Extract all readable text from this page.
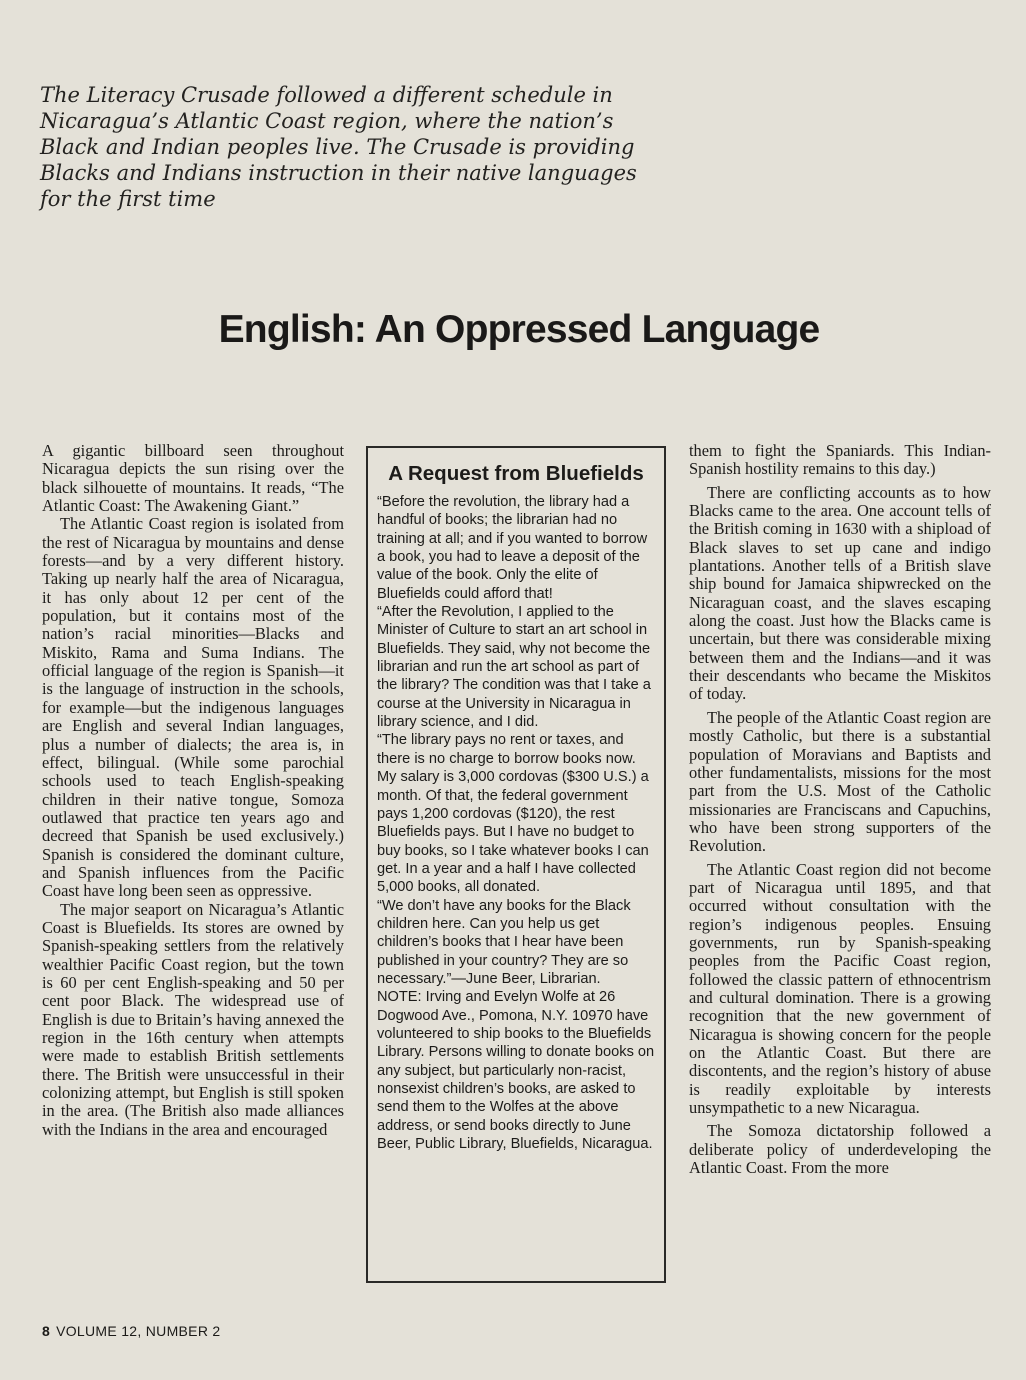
The Literacy Crusade followed a different schedule in
Nicaragua’s Atlantic Coast region, where the nation’s
Black and Indian peoples live. The Crusade is providing
Blacks and Indians instruction in their native languages
for the first time
English: An Oppressed Language

A gigantic billboard seen throughout Nicaragua depicts the sun rising over the black silhouette of mountains. It reads, “The Atlantic Coast: The Awakening Giant.”

The Atlantic Coast region is isolated from the rest of Nicaragua by mountains and dense forests—and by a very different history. Taking up nearly half the area of Nicaragua, it has only about 12 per cent of the population, but it contains most of the nation’s racial minorities—Blacks and Miskito, Rama and Suma Indians. The official language of the region is Spanish—it is the language of instruction in the schools, for example—but the indigenous languages are English and several Indian languages, plus a number of dialects; the area is, in effect, bilingual. (While some parochial schools used to teach English-speaking children in their native tongue, Somoza outlawed that practice ten years ago and decreed that Spanish be used exclusively.) Spanish is considered the dominant culture, and Spanish influences from the Pacific Coast have long been seen as oppressive.

The major seaport on Nicaragua’s Atlantic Coast is Bluefields. Its stores are owned by Spanish-speaking settlers from the relatively wealthier Pacific Coast region, but the town is 60 per cent English-speaking and 50 per cent poor Black. The widespread use of English is due to Britain’s having annexed the region in the 16th century when attempts were made to establish British settlements there. The British were unsuccessful in their colonizing attempt, but English is still spoken in the area. (The British also made alliances with the Indians in the area and encouraged

A Request from Bluefields

“Before the revolution, the library had a handful of books; the librarian had no training at all; and if you wanted to borrow a book, you had to leave a deposit of the value of the book. Only the elite of Bluefields could afford that!

“After the Revolution, I applied to the Minister of Culture to start an art school in Bluefields. They said, why not become the librarian and run the art school as part of the library? The condition was that I take a course at the University in Nicaragua in library science, and I did.

“The library pays no rent or taxes, and there is no charge to borrow books now. My salary is 3,000 cordovas ($300 U.S.) a month. Of that, the federal government pays 1,200 cordovas ($120), the rest Bluefields pays. But I have no budget to buy books, so I take whatever books I can get. In a year and a half I have collected 5,000 books, all donated.

“We don’t have any books for the Black children here. Can you help us get children’s books that I hear have been published in your country? They are so necessary.”—June Beer, Librarian.

NOTE: Irving and Evelyn Wolfe at 26 Dogwood Ave., Pomona, N.Y. 10970 have volunteered to ship books to the Bluefields Library. Persons willing to donate books on any subject, but particularly non-racist, nonsexist children’s books, are asked to send them to the Wolfes at the above address, or send books directly to June Beer, Public Library, Bluefields, Nicaragua.

them to fight the Spaniards. This Indian-Spanish hostility remains to this day.)

There are conflicting accounts as to how Blacks came to the area. One account tells of the British coming in 1630 with a shipload of Black slaves to set up cane and indigo plantations. Another tells of a British slave ship bound for Jamaica shipwrecked on the Nicaraguan coast, and the slaves escaping along the coast. Just how the Blacks came is uncertain, but there was considerable mixing between them and the Indians—and it was their descendants who became the Miskitos of today.

The people of the Atlantic Coast region are mostly Catholic, but there is a substantial population of Moravians and Baptists and other fundamentalists, missions for the most part from the U.S. Most of the Catholic missionaries are Franciscans and Capuchins, who have been strong supporters of the Revolution.

The Atlantic Coast region did not become part of Nicaragua until 1895, and that occurred without consultation with the region’s indigenous peoples. Ensuing governments, run by Spanish-speaking peoples from the Pacific Coast region, followed the classic pattern of ethnocentrism and cultural domination. There is a growing recognition that the new government of Nicaragua is showing concern for the people on the Atlantic Coast. But there are discontents, and the region’s history of abuse is readily exploitable by interests unsympathetic to a new Nicaragua.

The Somoza dictatorship followed a deliberate policy of underdeveloping the Atlantic Coast. From the more

8 VOLUME 12, NUMBER 2
